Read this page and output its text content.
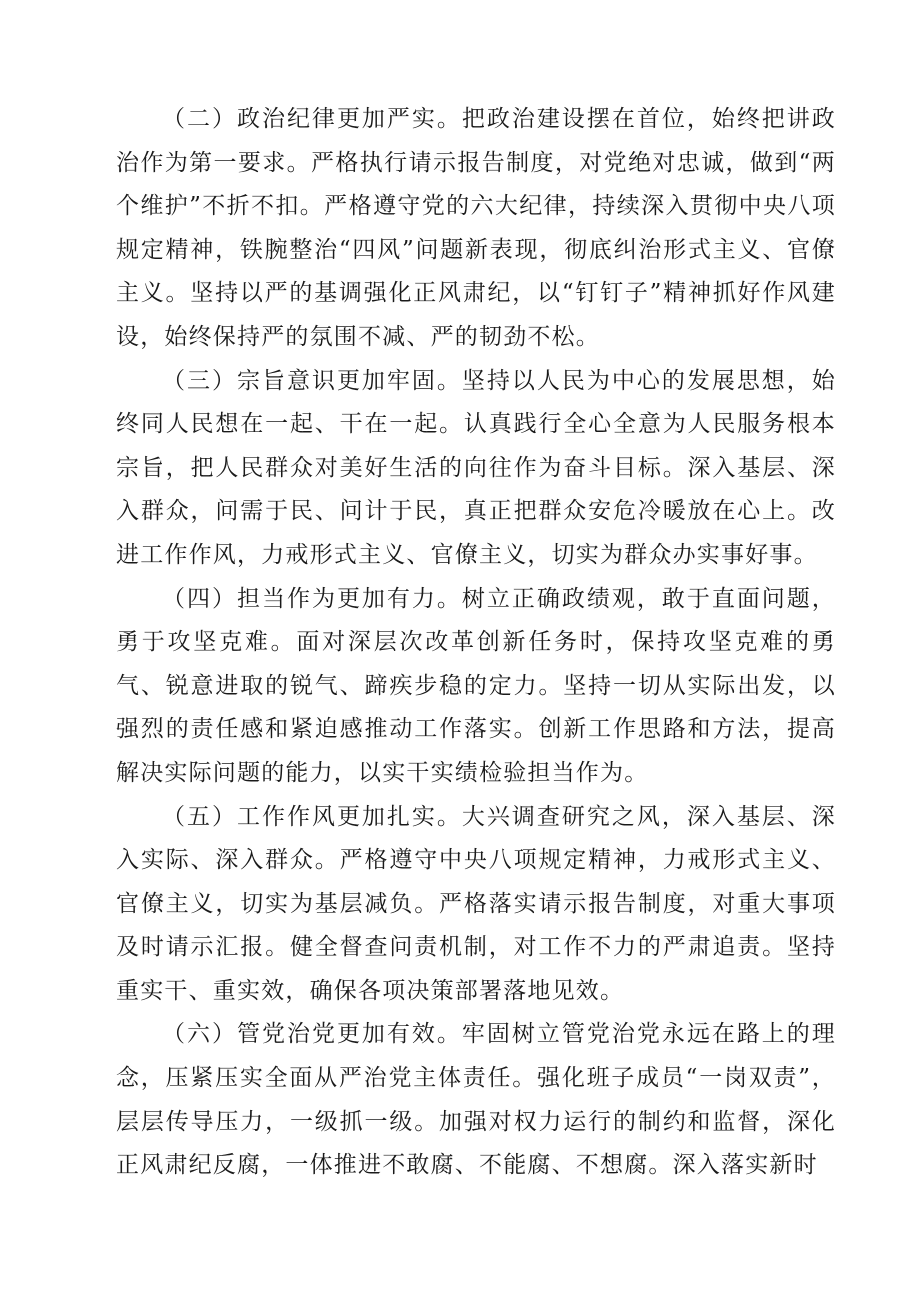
（二）政治纪律更加严实。把政治建设摆在首位，始终把讲政治作为第一要求。严格执行请示报告制度，对党绝对忠诚，做到“两个维护”不折不扣。严格遵守党的六大纪律，持续深入贯彻中央八项规定精神，铁腕整治“四风”问题新表现，彻底纠治形式主义、官僚主义。坚持以严的基调强化正风肃纪，以“钉钉子”精神抓好作风建设，始终保持严的氛围不减、严的韧劲不松。

（三）宗旨意识更加牢固。坚持以人民为中心的发展思想，始终同人民想在一起、干在一起。认真践行全心全意为人民服务根本宗旨，把人民群众对美好生活的向往作为奋斗目标。深入基层、深入群众，问需于民、问计于民，真正把群众安危冷暖放在心上。改进工作作风，力戒形式主义、官僚主义，切实为群众办实事好事。

（四）担当作为更加有力。树立正确政绩观，敢于直面问题，勇于攻坚克难。面对深层次改革创新任务时，保持攻坚克难的勇气、锐意进取的锐气、蹄疾步稳的定力。坚持一切从实际出发，以强烈的责任感和紧迫感推动工作落实。创新工作思路和方法，提高解决实际问题的能力，以实干实绩检验担当作为。

（五）工作作风更加扎实。大兴调查研究之风，深入基层、深入实际、深入群众。严格遵守中央八项规定精神，力戒形式主义、官僚主义，切实为基层减负。严格落实请示报告制度，对重大事项及时请示汇报。健全督查问责机制，对工作不力的严肃追责。坚持重实干、重实效，确保各项决策部署落地见效。

（六）管党治党更加有效。牢固树立管党治党永远在路上的理念，压紧压实全面从严治党主体责任。强化班子成员“一岗双责”，层层传导压力，一级抓一级。加强对权力运行的制约和监督，深化正风肃纪反腐，一体推进不敢腐、不能腐、不想腐。深入落实新时
